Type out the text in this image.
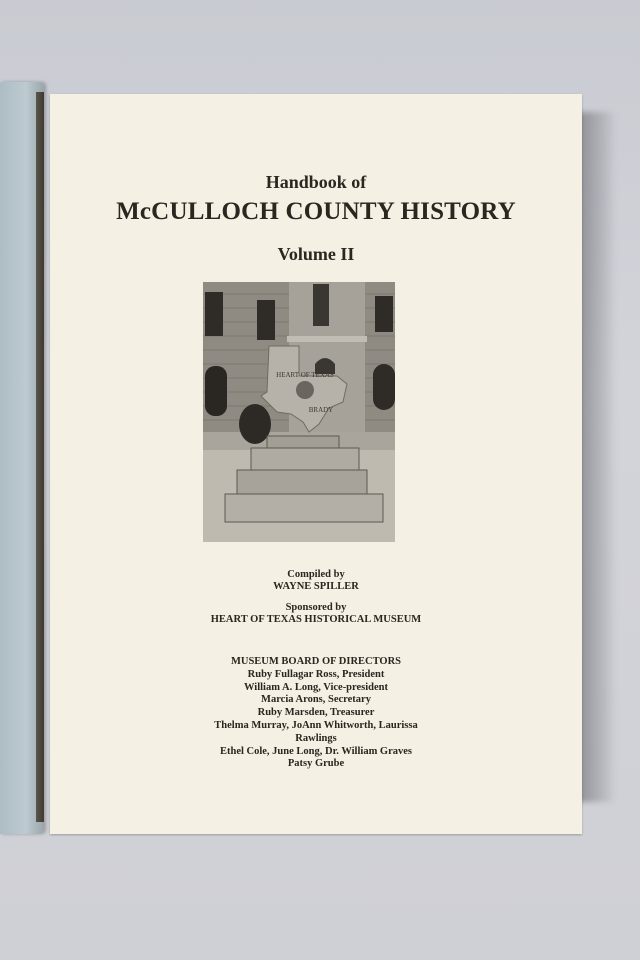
Handbook of
McCULLOCH COUNTY HISTORY
Volume II
HEART OF TEXAS
BRADY
Compiled by
WAYNE SPILLER
Sponsored by
HEART OF TEXAS HISTORICAL MUSEUM
MUSEUM BOARD OF DIRECTORS
Ruby Fullagar Ross, President
William A. Long, Vice-president
Marcia Arons, Secretary
Ruby Marsden, Treasurer
Thelma Murray, JoAnn Whitworth, Laurissa
Rawlings
Ethel Cole, June Long, Dr. William Graves
Patsy Grube
